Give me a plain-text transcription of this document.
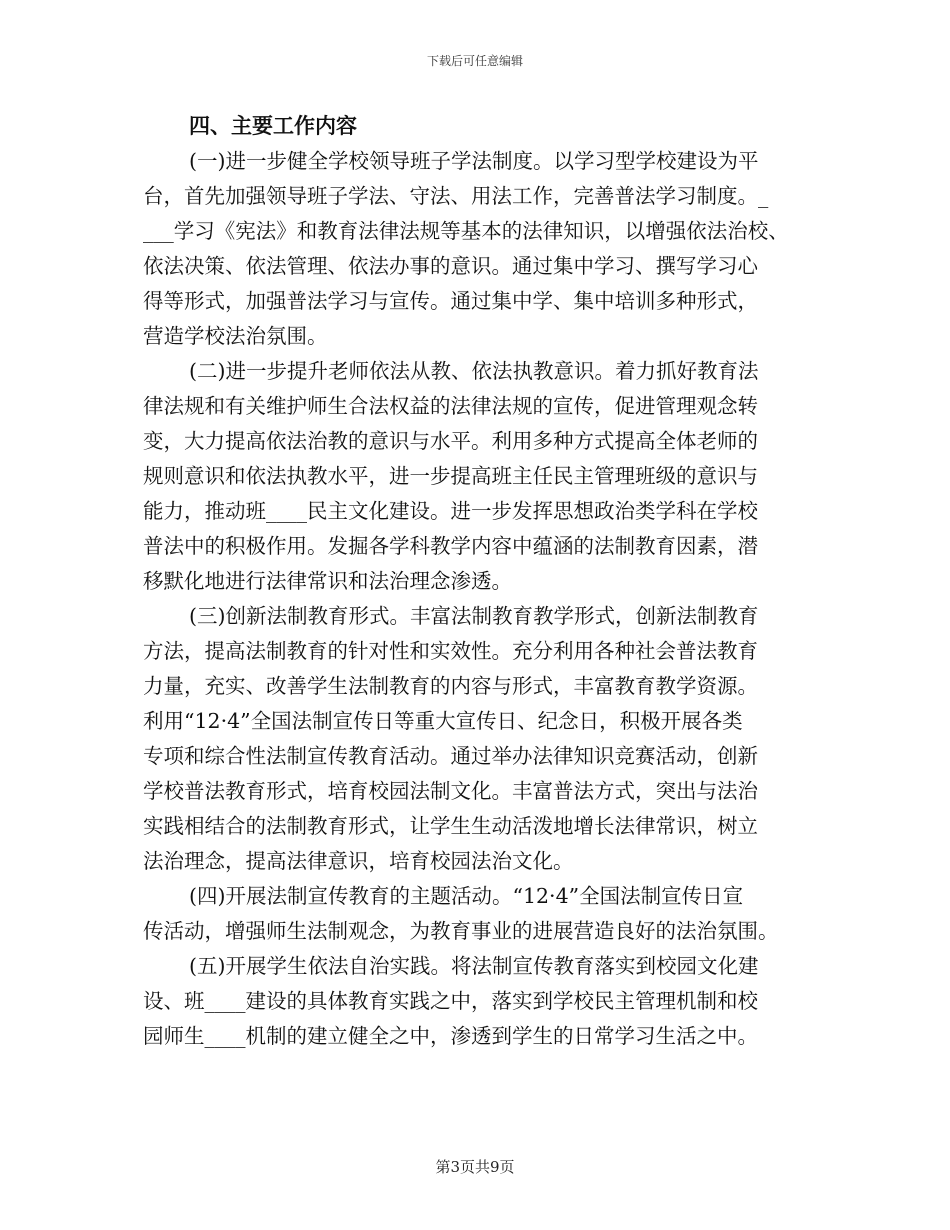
下载后可任意编辑
四、主要工作内容
(一)进一步健全学校领导班子学法制度。以学习型学校建设为平
台，首先加强领导班子学法、守法、用法工作，完善普法学习制度。_
___学习《宪法》和教育法律法规等基本的法律知识，以增强依法治校、
依法决策、依法管理、依法办事的意识。通过集中学习、撰写学习心
得等形式，加强普法学习与宣传。通过集中学、集中培训多种形式，
营造学校法治氛围。
(二)进一步提升老师依法从教、依法执教意识。着力抓好教育法
律法规和有关维护师生合法权益的法律法规的宣传，促进管理观念转
变，大力提高依法治教的意识与水平。利用多种方式提高全体老师的
规则意识和依法执教水平，进一步提高班主任民主管理班级的意识与
能力，推动班____民主文化建设。进一步发挥思想政治类学科在学校
普法中的积极作用。发掘各学科教学内容中蕴涵的法制教育因素，潜
移默化地进行法律常识和法治理念渗透。
(三)创新法制教育形式。丰富法制教育教学形式，创新法制教育
方法，提高法制教育的针对性和实效性。充分利用各种社会普法教育
力量，充实、改善学生法制教育的内容与形式，丰富教育教学资源。
利用“12·4”全国法制宣传日等重大宣传日、纪念日，积极开展各类
专项和综合性法制宣传教育活动。通过举办法律知识竞赛活动，创新
学校普法教育形式，培育校园法制文化。丰富普法方式，突出与法治
实践相结合的法制教育形式，让学生生动活泼地增长法律常识，树立
法治理念，提高法律意识，培育校园法治文化。
(四)开展法制宣传教育的主题活动。“12·4”全国法制宣传日宣
传活动，增强师生法制观念，为教育事业的进展营造良好的法治氛围。
(五)开展学生依法自治实践。将法制宣传教育落实到校园文化建
设、班____建设的具体教育实践之中，落实到学校民主管理机制和校
园师生____机制的建立健全之中，渗透到学生的日常学习生活之中。
第3页共9页
